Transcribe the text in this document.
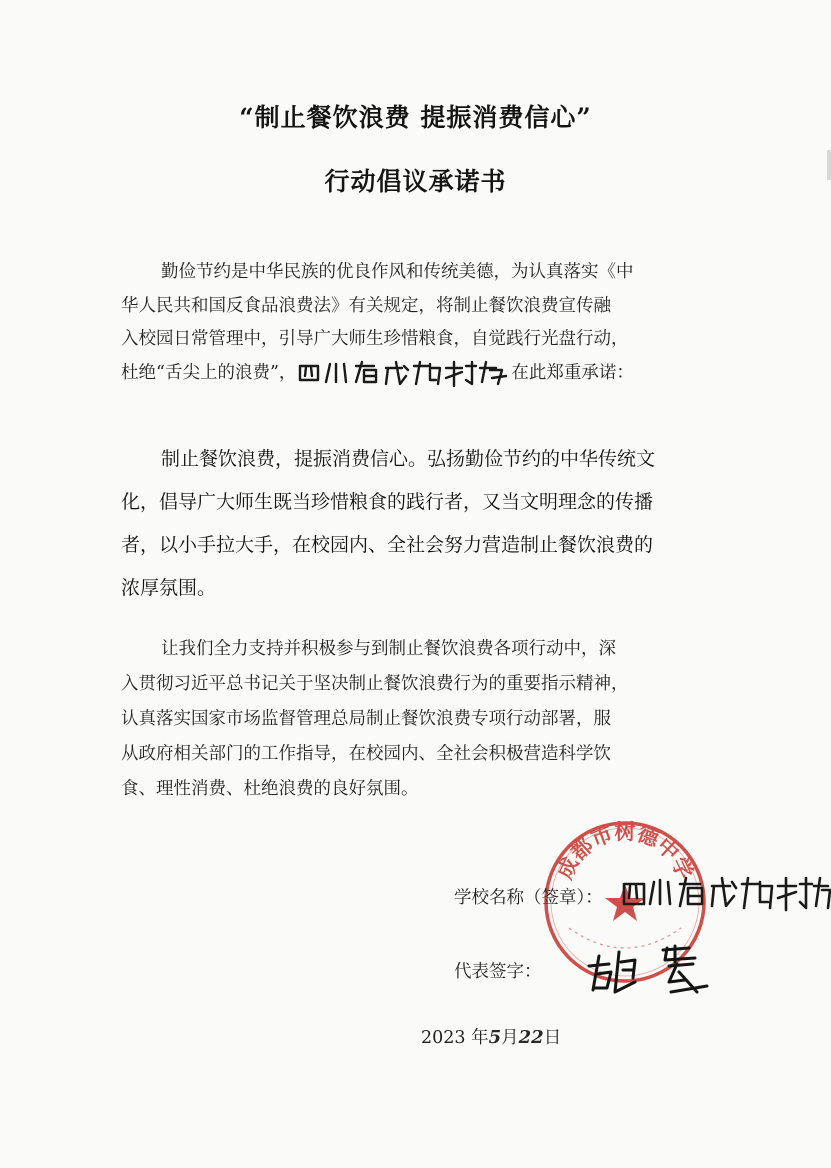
“制止餐饮浪费 提振消费信心”
行动倡议承诺书
勤俭节约是中华民族的优良作风和传统美德，为认真落实《中
华人民共和国反食品浪费法》有关规定，将制止餐饮浪费宣传融
入校园日常管理中，引导广大师生珍惜粮食，自觉践行光盘行动，
杜绝“舌尖上的浪费”，	在此郑重承诺：
制止餐饮浪费，提振消费信心。弘扬勤俭节约的中华传统文
化，倡导广大师生既当珍惜粮食的践行者，又当文明理念的传播
者，以小手拉大手，在校园内、全社会努力营造制止餐饮浪费的
浓厚氛围。
让我们全力支持并积极参与到制止餐饮浪费各项行动中，深
入贯彻习近平总书记关于坚决制止餐饮浪费行为的重要指示精神，
认真落实国家市场监督管理总局制止餐饮浪费专项行动部署，服
从政府相关部门的工作指导，在校园内、全社会积极营造科学饮
食、理性消费、杜绝浪费的良好氛围。
成都市树德中学
学校名称（签章）：
代表签字：
2023 年5月22日
